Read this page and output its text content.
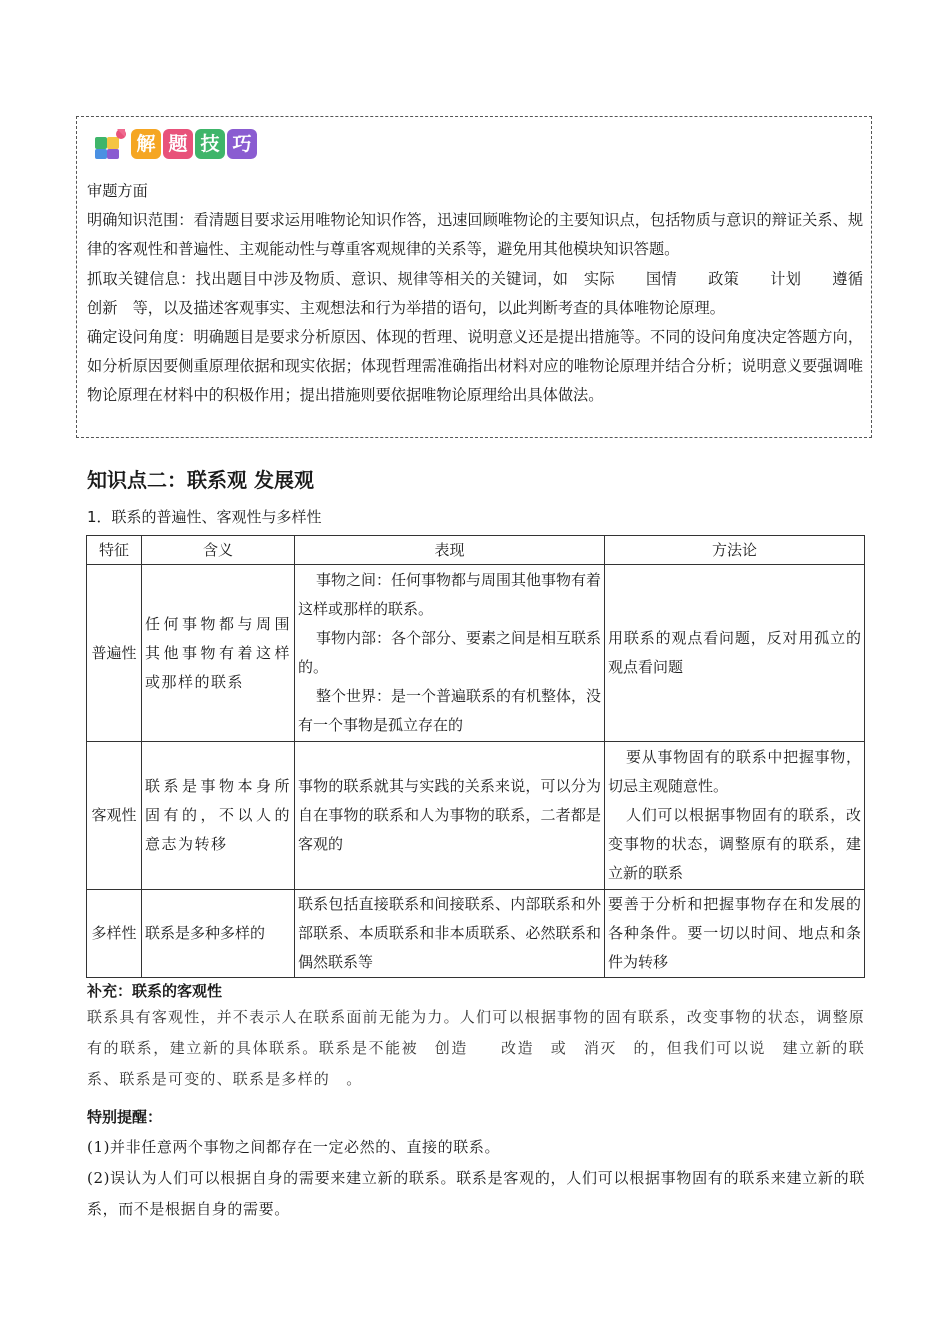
解 题 技 巧

审题方面

明确知识范围：看清题目要求运用唯物论知识作答，迅速回顾唯物论的主要知识点，包括物质与意识的辩证关系、规律的客观性和普遍性、主观能动性与尊重客观规律的关系等，避免用其他模块知识答题。

抓取关键信息：找出题目中涉及物质、意识、规律等相关的关键词，如　实际　　国情　　政策　　计划　　遵循　　创新　等，以及描述客观事实、主观想法和行为举措的语句，以此判断考查的具体唯物论原理。

确定设问角度：明确题目是要求分析原因、体现的哲理、说明意义还是提出措施等。不同的设问角度决定答题方向，如分析原因要侧重原理依据和现实依据；体现哲理需准确指出材料对应的唯物论原理并结合分析；说明意义要强调唯物论原理在材料中的积极作用；提出措施则要依据唯物论原理给出具体做法。

知识点二：联系观 发展观
1．联系的普遍性、客观性与多样性
特征	含义	表现	方法论
普遍性	任何事物都与周围其他事物有着这样或那样的联系	事物之间：任何事物都与周围其他事物有着这样或那样的联系。

事物内部：各个部分、要素之间是相互联系的。

整个世界：是一个普遍联系的有机整体，没有一个事物是孤立存在的	用联系的观点看问题，反对用孤立的观点看问题

客观性	联系是事物本身所固有的，不以人的意志为转移	事物的联系就其与实践的关系来说，可以分为自在事物的联系和人为事物的联系，二者都是客观的	要从事物固有的联系中把握事物，切忌主观随意性。

人们可以根据事物固有的联系，改变事物的状态，调整原有的联系，建立新的联系

多样性	联系是多种多样的	联系包括直接联系和间接联系、内部联系和外部联系、本质联系和非本质联系、必然联系和偶然联系等	要善于分析和把握事物存在和发展的各种条件。要一切以时间、地点和条件为转移

补充：联系的客观性

联系具有客观性，并不表示人在联系面前无能为力。人们可以根据事物的固有联系，改变事物的状态，调整原有的联系，建立新的具体联系。联系是不能被　创造　　改造　或　消灭　的，但我们可以说　建立新的联系、联系是可变的、联系是多样的　。

特别提醒：

(1)并非任意两个事物之间都存在一定必然的、直接的联系。

(2)误认为人们可以根据自身的需要来建立新的联系。联系是客观的，人们可以根据事物固有的联系来建立新的联系，而不是根据自身的需要。
